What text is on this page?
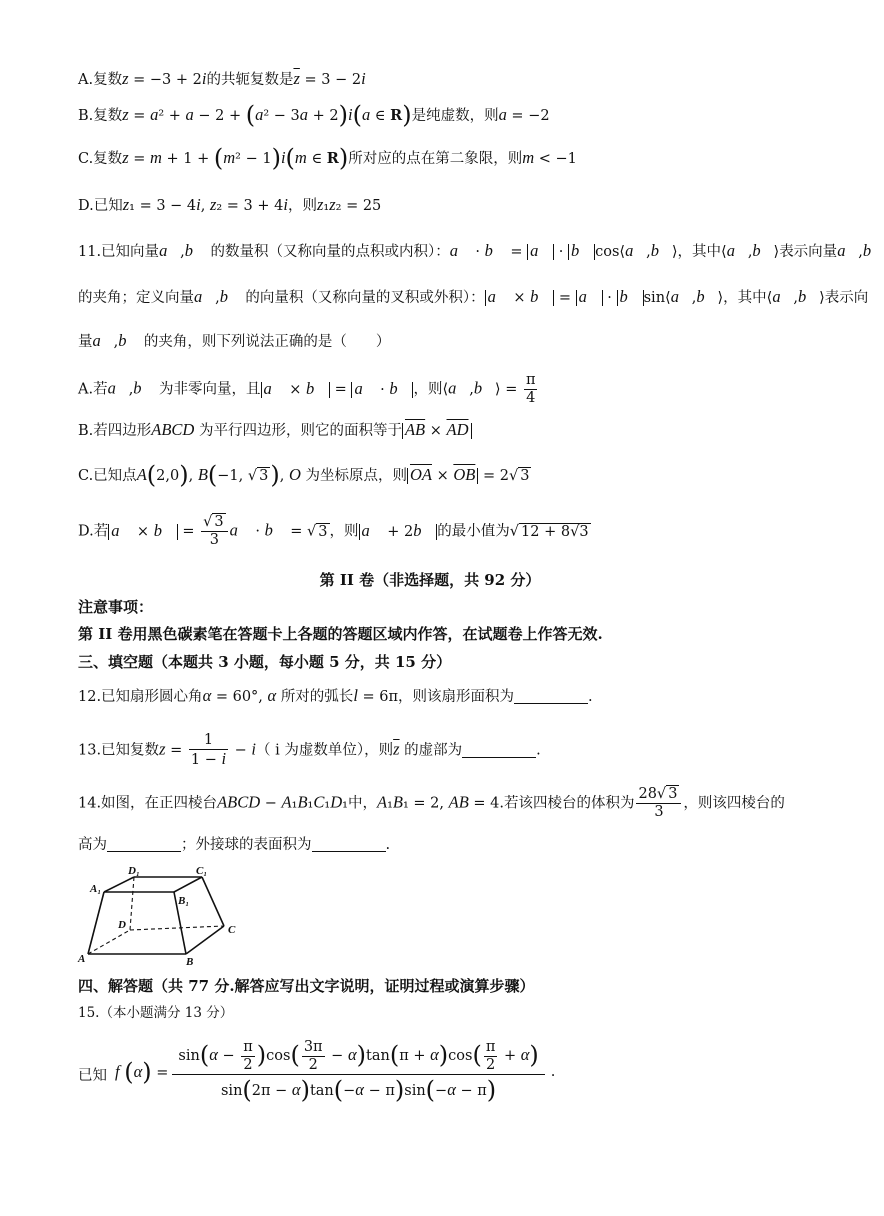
A.复数z = −3 + 2i的共轭复数是$\overline{z} = 3 - 2i$
B.复数z = a² + a − 2 + (a² − 3a + 2)i(a ∈ R)是纯虚数，则a = −2
C.复数z = m + 1 + (m² − 1)i(m ∈ R)所对应的点在第二象限，则m < −1
D.已知z₁ = 3 − 4i, z₂ = 3 + 4i，则z₁z₂ = 25
11.已知向量a⃗,b⃗ 的数量积（又称向量的点积或内积）：a⃗ · b⃗ = a⃗ · b⃗ cos⟨a⃗,b⃗⟩，其中⟨a⃗,b⃗⟩表示向量a⃗,b⃗
的夹角；定义向量a⃗,b⃗ 的向量积（又称向量的叉积或外积）： a⃗ × b⃗ = a⃗ · b⃗ sin⟨a⃗,b⃗⟩，其中⟨a⃗,b⃗⟩表示向
量a⃗,b⃗ 的夹角，则下列说法正确的是（　　）
A.若a⃗,b⃗ 为非零向量，且 a⃗ × b⃗ = a⃗ · b⃗ ，则⟨a⃗,b⃗⟩ = $\frac{\pi}{4}$
B.若四边形ABCD 为平行四边形，则它的面积等于 $\overline{AB} \times \overline{AD}$
C.已知点A(2,0), B(−1, √ 3), O 为坐标原点，则 $\overline{OA} \times \overline{OB} = 2√$ 3
D.若 a⃗ × b⃗ = $\frac{√ 3}{3}$ a⃗ · b⃗ = √ 3 ，则 a⃗ + 2b⃗ 的最小值为√ 12 + 8√3
第 II 卷（非选择题，共 92 分）
注意事项：
第 II 卷用黑色碳素笔在答题卡上各题的答题区域内作答，在试题卷上作答无效.
三、填空题（本题共 3 小题，每小题 5 分，共 15 分）
12.已知扇形圆心角α = 60°, α 所对的弧长l = 6π，则该扇形面积为	.
13.已知复数$z = \frac{1}{1 - i} - i$（ i 为虚数单位），则$\overline{z}$ 的虚部为	.
14.如图，在正四棱台ABCD − A₁B₁C₁D₁中，A₁B₁ = 2, AB = 4.若该四棱台的体积为 $\frac{28√ 3}{3}$ ，则该四棱台的
高为	；外接球的表面积为	.
D₁	C₁
A₁
B₁
D	C
A	B
四、解答题（共 77 分.解答应写出文字说明，证明过程或演算步骤）
15.（本小题满分 13 分）
已知 f $(\alpha) = \frac{\sin(\alpha - \frac{\pi}{2} )\cos( \frac{3\pi}{2} - \alpha)\tan(\pi + \alpha)\cos( \frac{\pi}{2} + \alpha)}{\sin(2\pi - \alpha)\tan(-\alpha - \pi)\sin(-\alpha - \pi)}$ .
